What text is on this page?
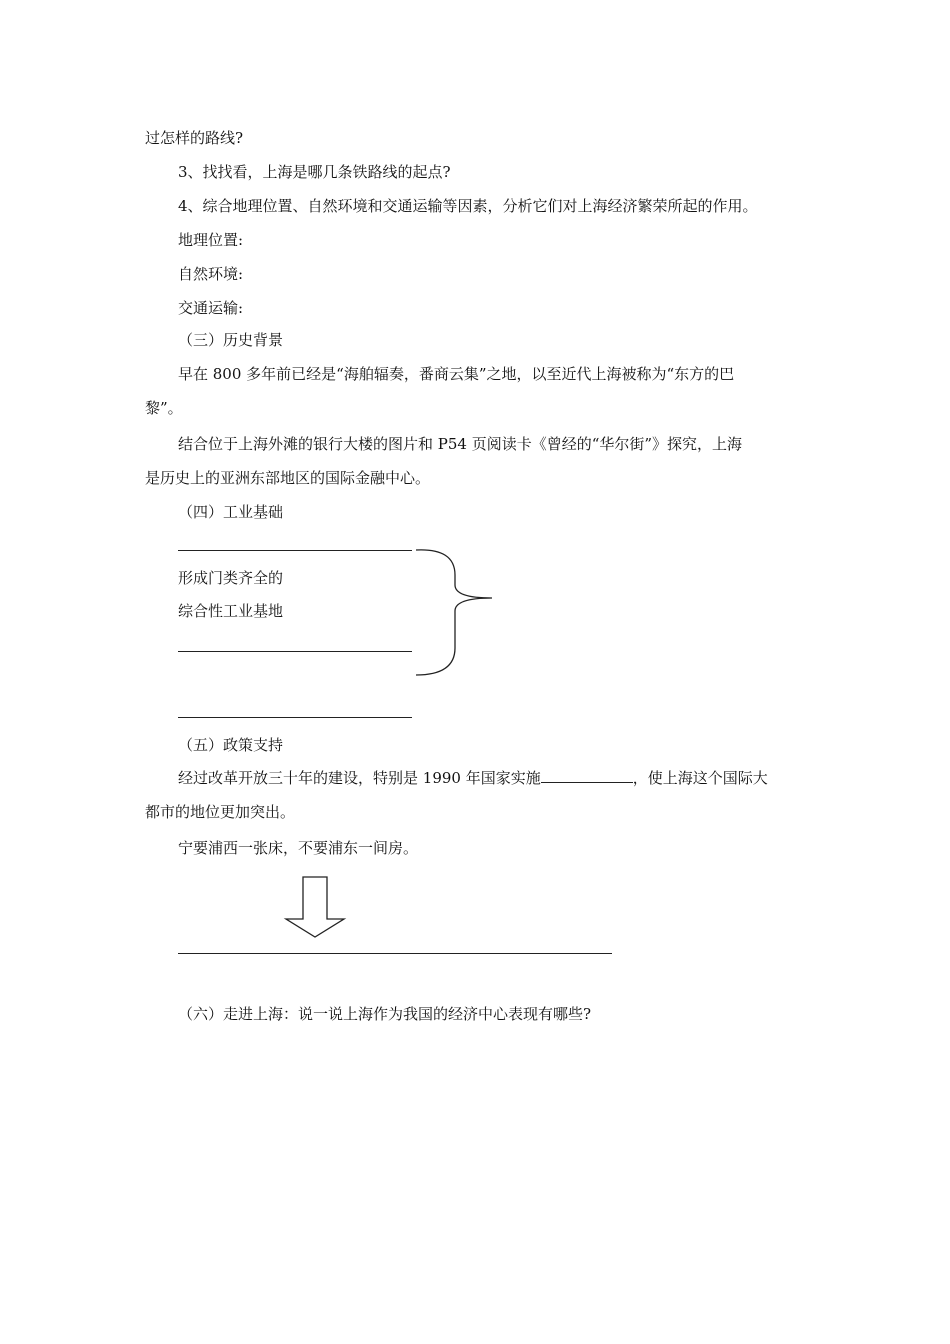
过怎样的路线?
3、找找看，上海是哪几条铁路线的起点?
4、综合地理位置、自然环境和交通运输等因素，分析它们对上海经济繁荣所起的作用。
地理位置:
自然环境:
交通运输:
（三）历史背景
早在 800 多年前已经是“海舶辐奏，番商云集”之地，以至近代上海被称为“东方的巴
黎”。
结合位于上海外滩的银行大楼的图片和 P54 页阅读卡《曾经的“华尔街”》探究，上海
是历史上的亚洲东部地区的国际金融中心。
（四）工业基础
形成门类齐全的
综合性工业基地
（五）政策支持
经过改革开放三十年的建设，特别是 1990 年国家实施	，使上海这个国际大
都市的地位更加突出。
宁要浦西一张床，不要浦东一间房。
（六）走进上海：说一说上海作为我国的经济中心表现有哪些?
